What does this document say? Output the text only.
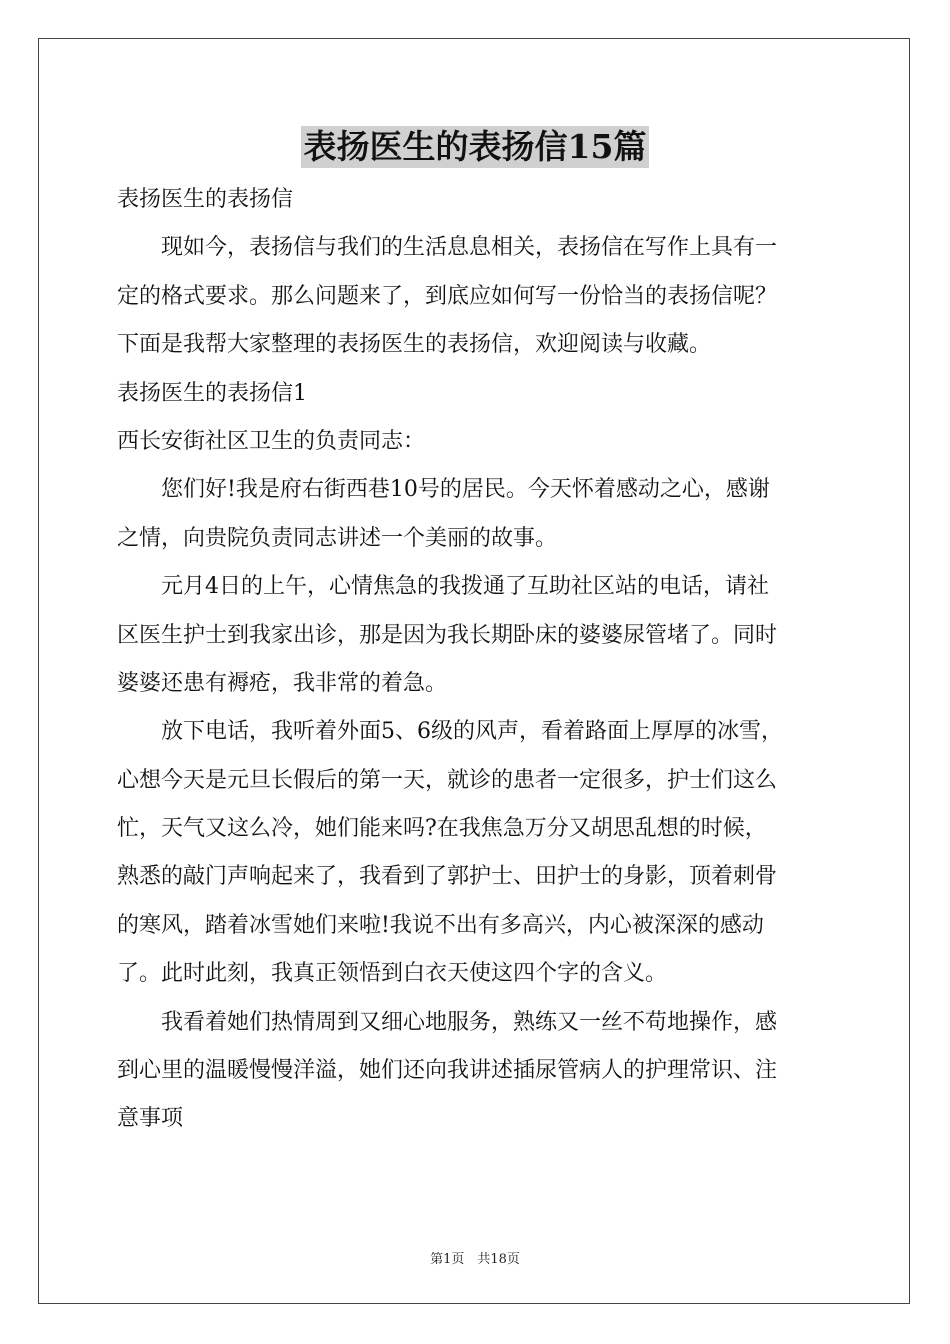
表扬医生的表扬信15篇
表扬医生的表扬信
　　现如今，表扬信与我们的生活息息相关，表扬信在写作上具有一
定的格式要求。那么问题来了，到底应如何写一份恰当的表扬信呢？
下面是我帮大家整理的表扬医生的表扬信，欢迎阅读与收藏。
表扬医生的表扬信1
西长安街社区卫生的负责同志：
　　您们好!我是府右街西巷10号的居民。今天怀着感动之心，感谢
之情，向贵院负责同志讲述一个美丽的故事。
　　元月4日的上午，心情焦急的我拨通了互助社区站的电话，请社
区医生护士到我家出诊，那是因为我长期卧床的婆婆尿管堵了。同时
婆婆还患有褥疮，我非常的着急。
　　放下电话，我听着外面5、6级的风声，看着路面上厚厚的冰雪，
心想今天是元旦长假后的第一天，就诊的患者一定很多，护士们这么
忙，天气又这么冷，她们能来吗?在我焦急万分又胡思乱想的时候，
熟悉的敲门声响起来了，我看到了郭护士、田护士的身影，顶着刺骨
的寒风，踏着冰雪她们来啦!我说不出有多高兴，内心被深深的感动
了。此时此刻，我真正领悟到白衣天使这四个字的含义。
　　我看着她们热情周到又细心地服务，熟练又一丝不苟地操作，感
到心里的温暖慢慢洋溢，她们还向我讲述插尿管病人的护理常识、注
意事项
第1页　共18页
